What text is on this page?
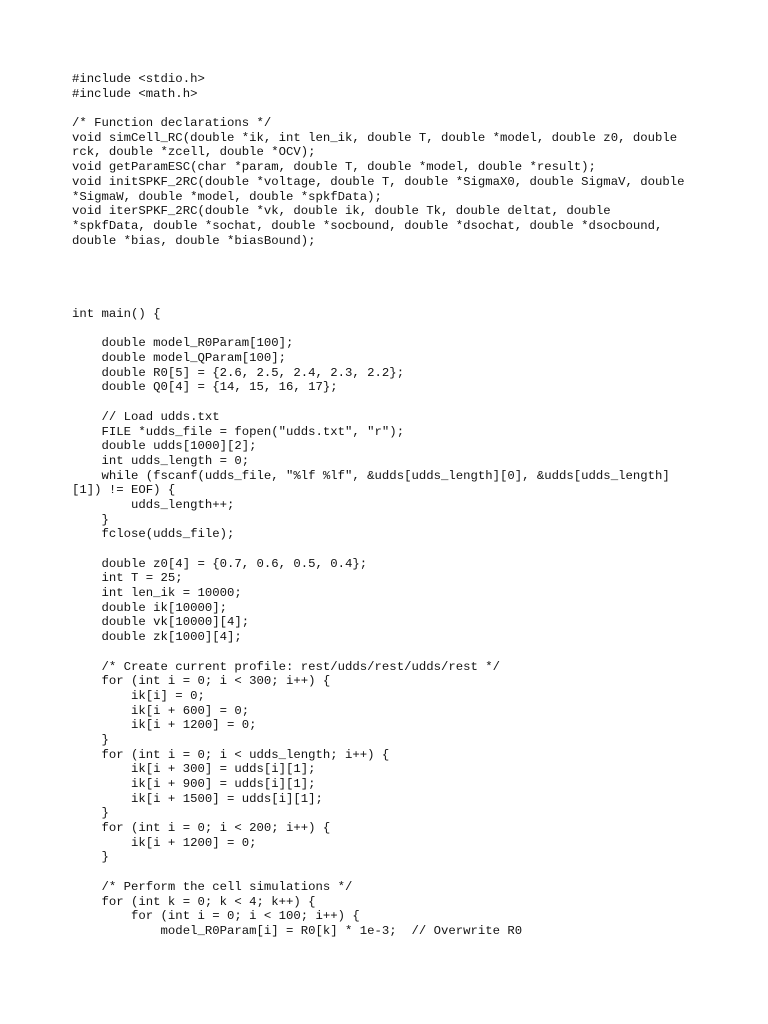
#include <stdio.h>
#include <math.h>
/* Function declarations */
void simCell_RC(double *ik, int len_ik, double T, double *model, double z0, double
rck, double *zcell, double *OCV);
void getParamESC(char *param, double T, double *model, double *result);
void initSPKF_2RC(double *voltage, double T, double *SigmaX0, double SigmaV, double
*SigmaW, double *model, double *spkfData);
void iterSPKF_2RC(double *vk, double ik, double Tk, double deltat, double
*spkfData, double *sochat, double *socbound, double *dsochat, double *dsocbound,
double *bias, double *biasBound);
int main() {
double model_R0Param[100];
double model_QParam[100];
double R0[5] = {2.6, 2.5, 2.4, 2.3, 2.2};
double Q0[4] = {14, 15, 16, 17};
// Load udds.txt
FILE *udds_file = fopen("udds.txt", "r");
double udds[1000][2];
int udds_length = 0;
while (fscanf(udds_file, "%lf %lf", &udds[udds_length][0], &udds[udds_length]
[1]) != EOF) {
udds_length++;
}
fclose(udds_file);
double z0[4] = {0.7, 0.6, 0.5, 0.4};
int T = 25;
int len_ik = 10000;
double ik[10000];
double vk[10000][4];
double zk[1000][4];
/* Create current profile: rest/udds/rest/udds/rest */
for (int i = 0; i < 300; i++) {
ik[i] = 0;
ik[i + 600] = 0;
ik[i + 1200] = 0;
}
for (int i = 0; i < udds_length; i++) {
ik[i + 300] = udds[i][1];
ik[i + 900] = udds[i][1];
ik[i + 1500] = udds[i][1];
}
for (int i = 0; i < 200; i++) {
ik[i + 1200] = 0;
}
/* Perform the cell simulations */
for (int k = 0; k < 4; k++) {
for (int i = 0; i < 100; i++) {
model_R0Param[i] = R0[k] * 1e-3;  // Overwrite R0
